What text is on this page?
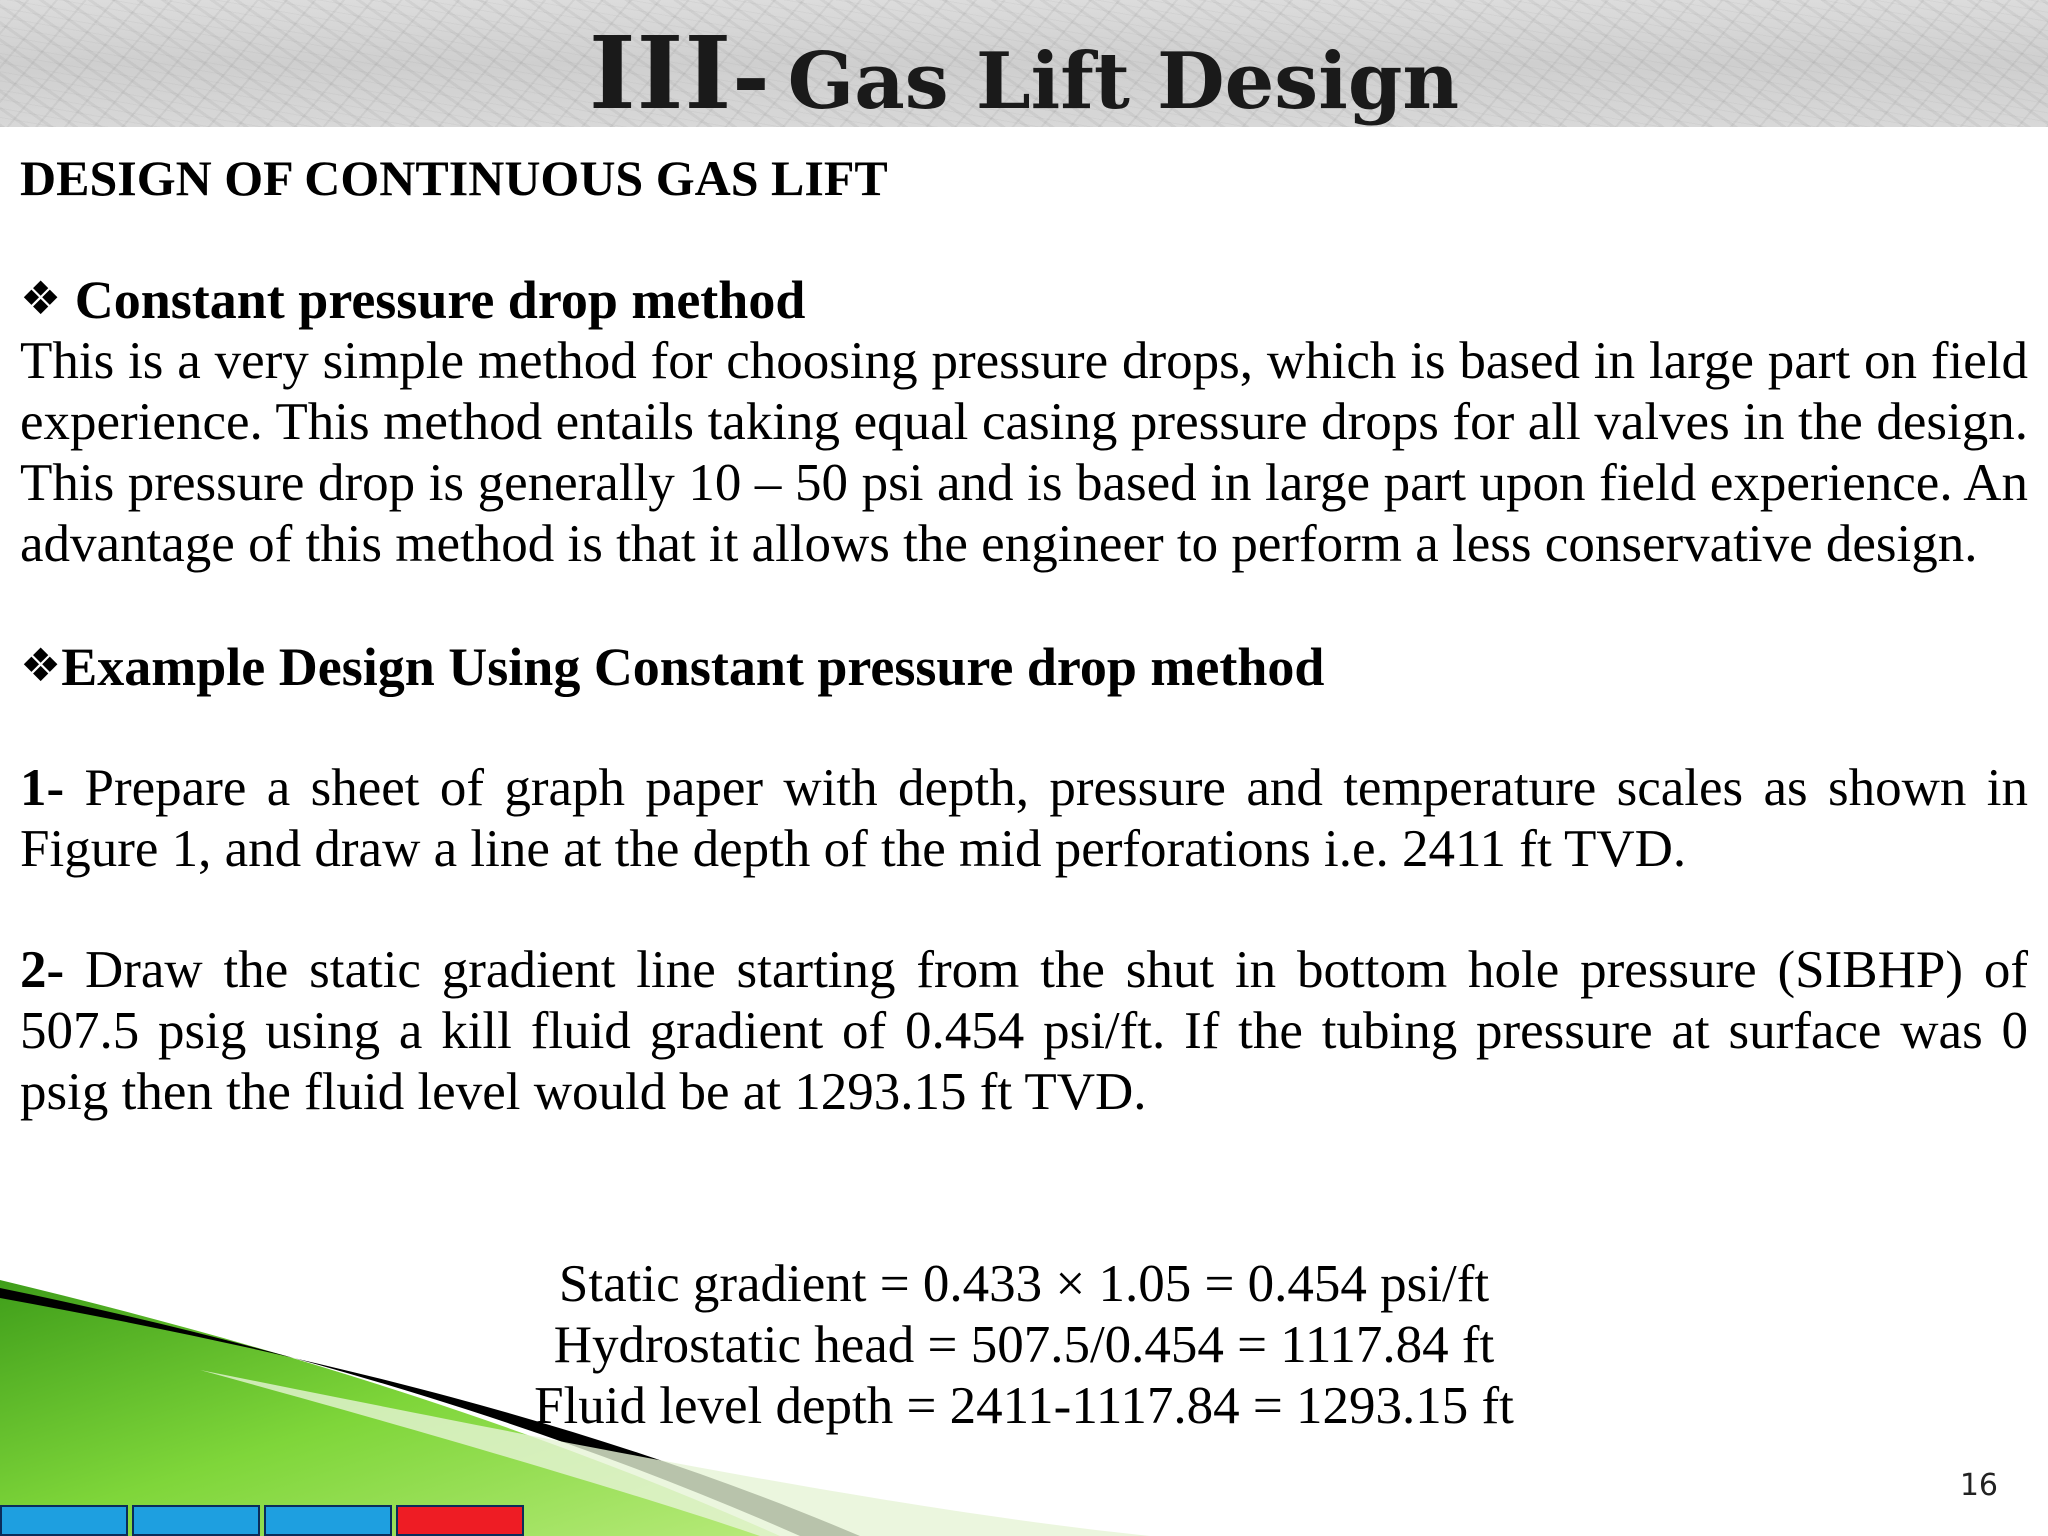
III- Gas Lift Design

DESIGN OF CONTINUOUS GAS LIFT

❖ Constant pressure drop method

This is a very simple method for choosing pressure drops, which is based in large part on field experience. This method entails taking equal casing pressure drops for all valves in the design. This pressure drop is generally 10 – 50 psi and is based in large part upon field experience. An advantage of this method is that it allows the engineer to perform a less conservative design.

❖Example Design Using Constant pressure drop method

1- Prepare a sheet of graph paper with depth, pressure and temperature scales as shown in Figure 1, and draw a line at the depth of the mid perforations i.e. 2411 ft TVD.

2- Draw the static gradient line starting from the shut in bottom hole pressure (SIBHP) of 507.5 psig using a kill fluid gradient of 0.454 psi/ft. If the tubing pressure at surface was 0 psig then the fluid level would be at 1293.15 ft TVD.

Static gradient = 0.433 × 1.05 = 0.454 psi/ft
Hydrostatic head = 507.5/0.454 = 1117.84 ft
Fluid level depth = 2411-1117.84 = 1293.15 ft
16
